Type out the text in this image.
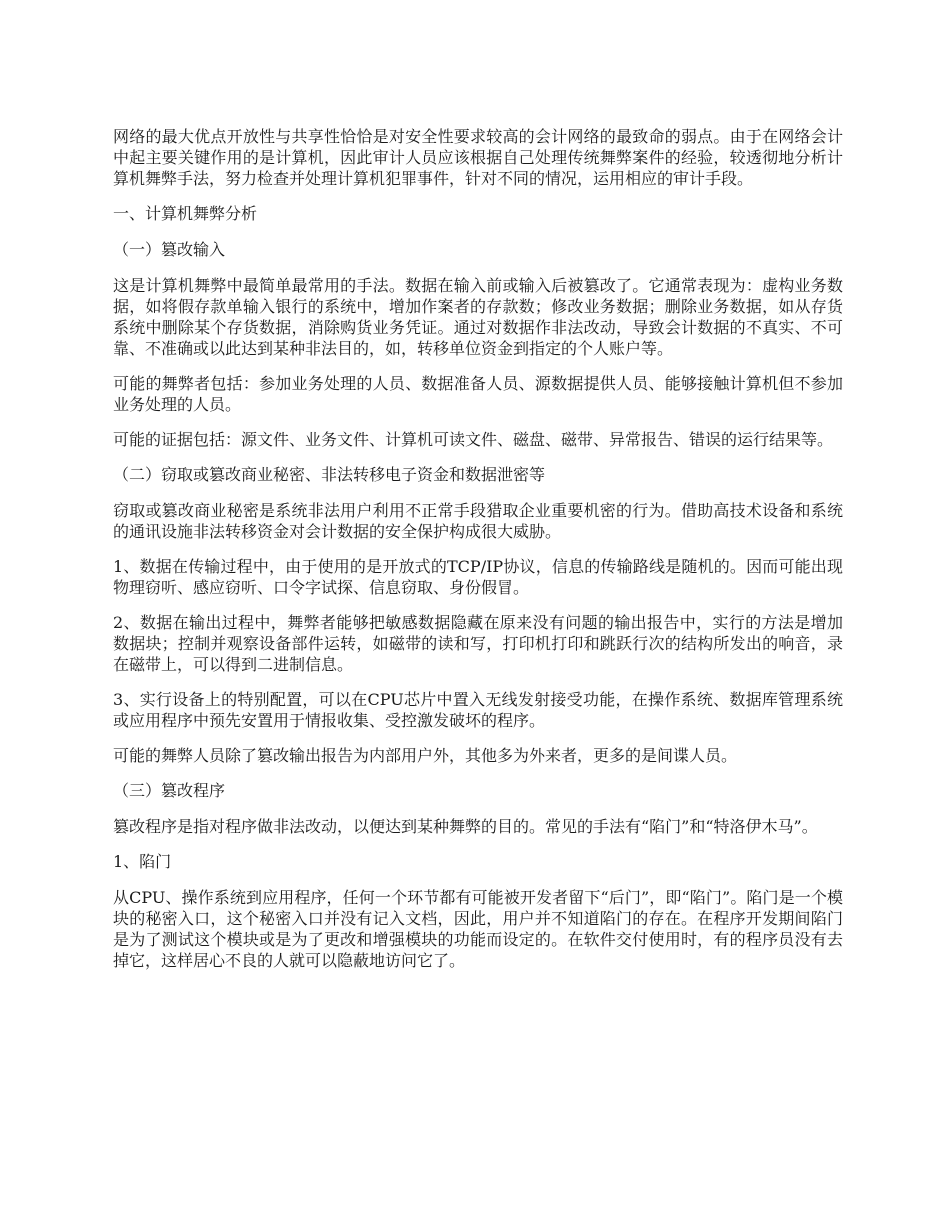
网络的最大优点开放性与共享性恰恰是对安全性要求较高的会计网络的最致命的弱点。由于在网络会计中起主要关键作用的是计算机，因此审计人员应该根据自己处理传统舞弊案件的经验，较透彻地分析计算机舞弊手法，努力检查并处理计算机犯罪事件，针对不同的情况，运用相应的审计手段。

一、计算机舞弊分析

（一）篡改输入

这是计算机舞弊中最简单最常用的手法。数据在输入前或输入后被篡改了。它通常表现为：虚构业务数据，如将假存款单输入银行的系统中，增加作案者的存款数；修改业务数据；删除业务数据，如从存货系统中删除某个存货数据，消除购货业务凭证。通过对数据作非法改动，导致会计数据的不真实、不可靠、不准确或以此达到某种非法目的，如，转移单位资金到指定的个人账户等。

可能的舞弊者包括：参加业务处理的人员、数据准备人员、源数据提供人员、能够接触计算机但不参加业务处理的人员。

可能的证据包括：源文件、业务文件、计算机可读文件、磁盘、磁带、异常报告、错误的运行结果等。

（二）窃取或篡改商业秘密、非法转移电子资金和数据泄密等

窃取或篡改商业秘密是系统非法用户利用不正常手段猎取企业重要机密的行为。借助高技术设备和系统的通讯设施非法转移资金对会计数据的安全保护构成很大威胁。

1、数据在传输过程中，由于使用的是开放式的TCP/IP协议，信息的传输路线是随机的。因而可能出现物理窃听、感应窃听、口令字试探、信息窃取、身份假冒。

2、数据在输出过程中，舞弊者能够把敏感数据隐藏在原来没有问题的输出报告中，实行的方法是增加数据块；控制并观察设备部件运转，如磁带的读和写，打印机打印和跳跃行次的结构所发出的响音，录在磁带上，可以得到二进制信息。

3、实行设备上的特别配置，可以在CPU芯片中置入无线发射接受功能，在操作系统、数据库管理系统或应用程序中预先安置用于情报收集、受控激发破坏的程序。

可能的舞弊人员除了篡改输出报告为内部用户外，其他多为外来者，更多的是间谍人员。

（三）篡改程序

篡改程序是指对程序做非法改动，以便达到某种舞弊的目的。常见的手法有“陷门”和“特洛伊木马”。

1、陷门

从CPU、操作系统到应用程序，任何一个环节都有可能被开发者留下“后门”，即“陷门”。陷门是一个模块的秘密入口，这个秘密入口并没有记入文档，因此，用户并不知道陷门的存在。在程序开发期间陷门是为了测试这个模块或是为了更改和增强模块的功能而设定的。在软件交付使用时，有的程序员没有去掉它，这样居心不良的人就可以隐蔽地访问它了。
